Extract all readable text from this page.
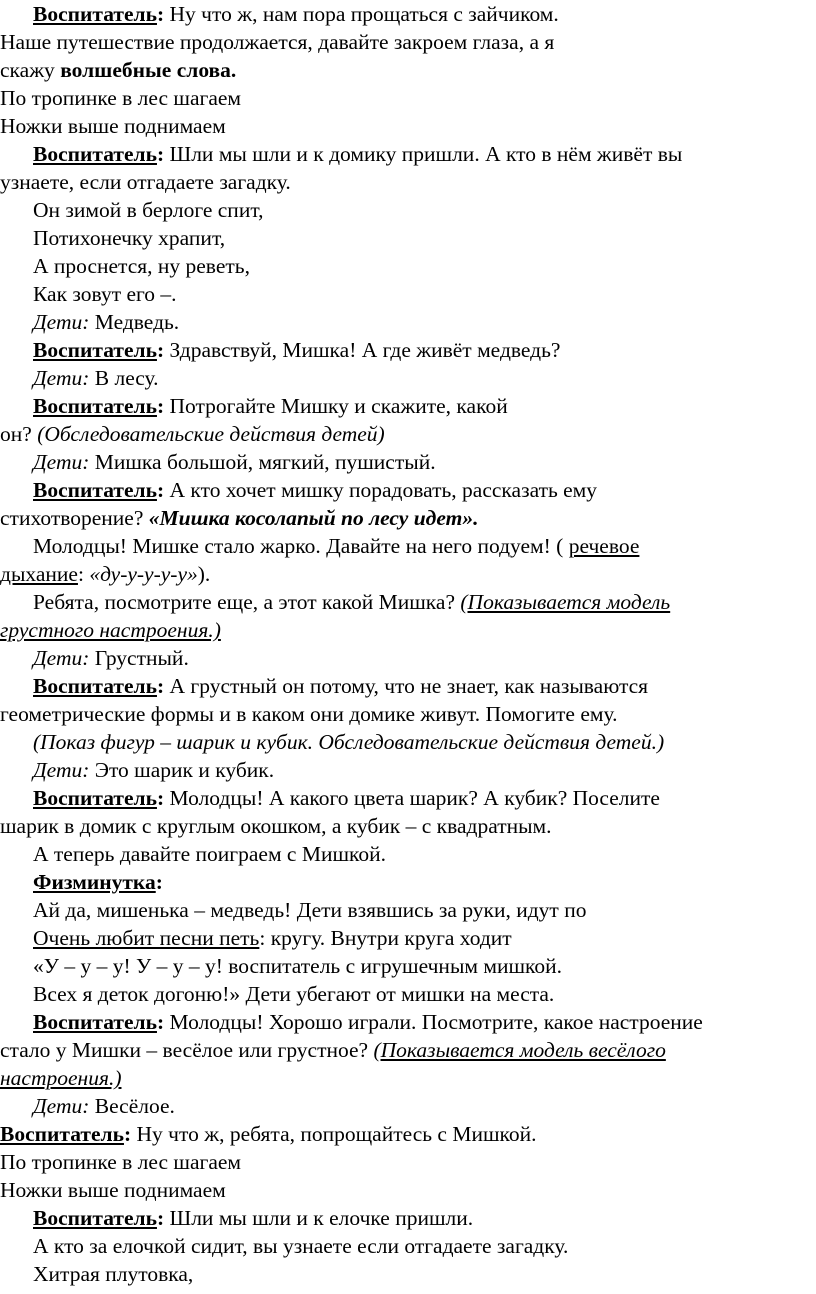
Воспитатель: Ну что ж, нам пора прощаться с зайчиком.
Наше путешествие продолжается, давайте закроем глаза, а я
скажу волшебные слова.
По тропинке в лес шагаем
Ножки выше поднимаем
Воспитатель: Шли мы шли и к домику пришли. А кто в нём живёт вы
узнаете, если отгадаете загадку.
Он зимой в берлоге спит,
Потихонечку храпит,
А проснется, ну реветь,
Как зовут его –.
Дети: Медведь.
Воспитатель: Здравствуй, Мишка! А где живёт медведь?
Дети: В лесу.
Воспитатель: Потрогайте Мишку и скажите, какой
он? (Обследовательские действия детей)
Дети: Мишка большой, мягкий, пушистый.
Воспитатель: А кто хочет мишку порадовать, рассказать ему
стихотворение? «Мишка косолапый по лесу идет».
Молодцы! Мишке стало жарко. Давайте на него подуем! ( речевое
дыхание: «ду-у-у-у-у»).
Ребята, посмотрите еще, а этот какой Мишка? (Показывается модель
грустного настроения.)
Дети: Грустный.
Воспитатель: А грустный он потому, что не знает, как называются
геометрические формы и в каком они домике живут. Помогите ему.
(Показ фигур – шарик и кубик. Обследовательские действия детей.)
Дети: Это шарик и кубик.
Воспитатель: Молодцы! А какого цвета шарик? А кубик? Поселите
шарик в домик с круглым окошком, а кубик – с квадратным.
А теперь давайте поиграем с Мишкой.
Физминутка:
Ай да, мишенька – медведь! Дети взявшись за руки, идут по
Очень любит песни петь: кругу. Внутри круга ходит
«У – у – у! У – у – у! воспитатель с игрушечным мишкой.
Всех я деток догоню!» Дети убегают от мишки на места.
Воспитатель: Молодцы! Хорошо играли. Посмотрите, какое настроение
стало у Мишки – весёлое или грустное? (Показывается модель весёлого
настроения.)
Дети: Весёлое.
Воспитатель: Ну что ж, ребята, попрощайтесь с Мишкой.
По тропинке в лес шагаем
Ножки выше поднимаем
Воспитатель: Шли мы шли и к елочке пришли.
А кто за елочкой сидит, вы узнаете если отгадаете загадку.
Хитрая плутовка,
